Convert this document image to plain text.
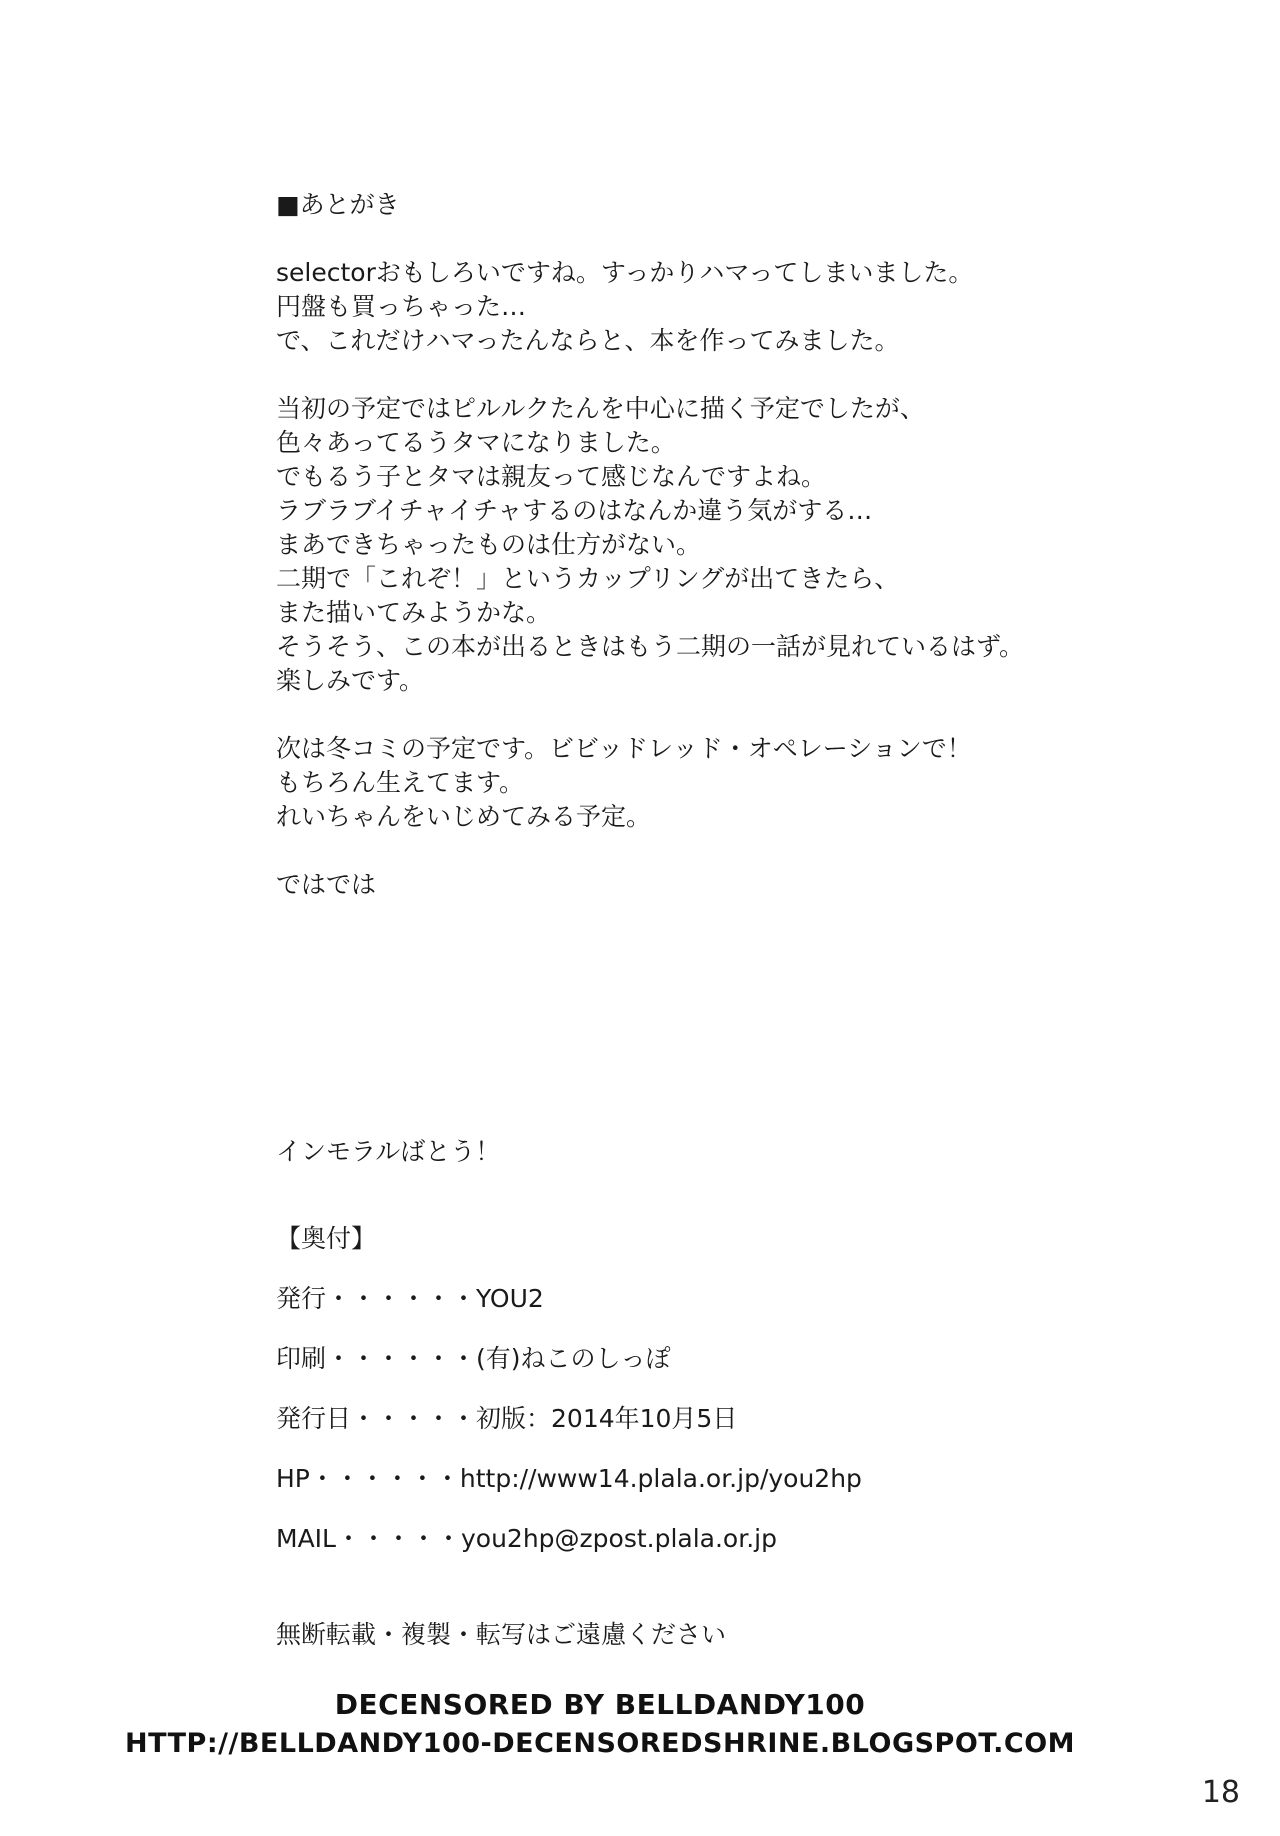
■あとがき
selectorおもしろいですね。すっかりハマってしまいました。
円盤も買っちゃった…
で、これだけハマったんならと、本を作ってみました。
当初の予定ではピルルクたんを中心に描く予定でしたが、
色々あってるうタマになりました。
でもるう子とタマは親友って感じなんですよね。
ラブラブイチャイチャするのはなんか違う気がする…
まあできちゃったものは仕方がない。
二期で「これぞ！」というカップリングが出てきたら、
また描いてみようかな。
そうそう、この本が出るときはもう二期の一話が見れているはず。
楽しみです。
次は冬コミの予定です。ビビッドレッド・オペレーションで！
もちろん生えてます。
れいちゃんをいじめてみる予定。
ではでは
インモラルばとう！
【奥付】
発行・・・・・・YOU2
印刷・・・・・・(有)ねこのしっぽ
発行日・・・・・初版：2014年10月5日
HP・・・・・・http://www14.plala.or.jp/you2hp
MAIL・・・・・you2hp@zpost.plala.or.jp
無断転載・複製・転写はご遠慮ください
DECENSORED BY BELLDANDY100
HTTP://BELLDANDY100-DECENSOREDSHRINE.BLOGSPOT.COM
18
